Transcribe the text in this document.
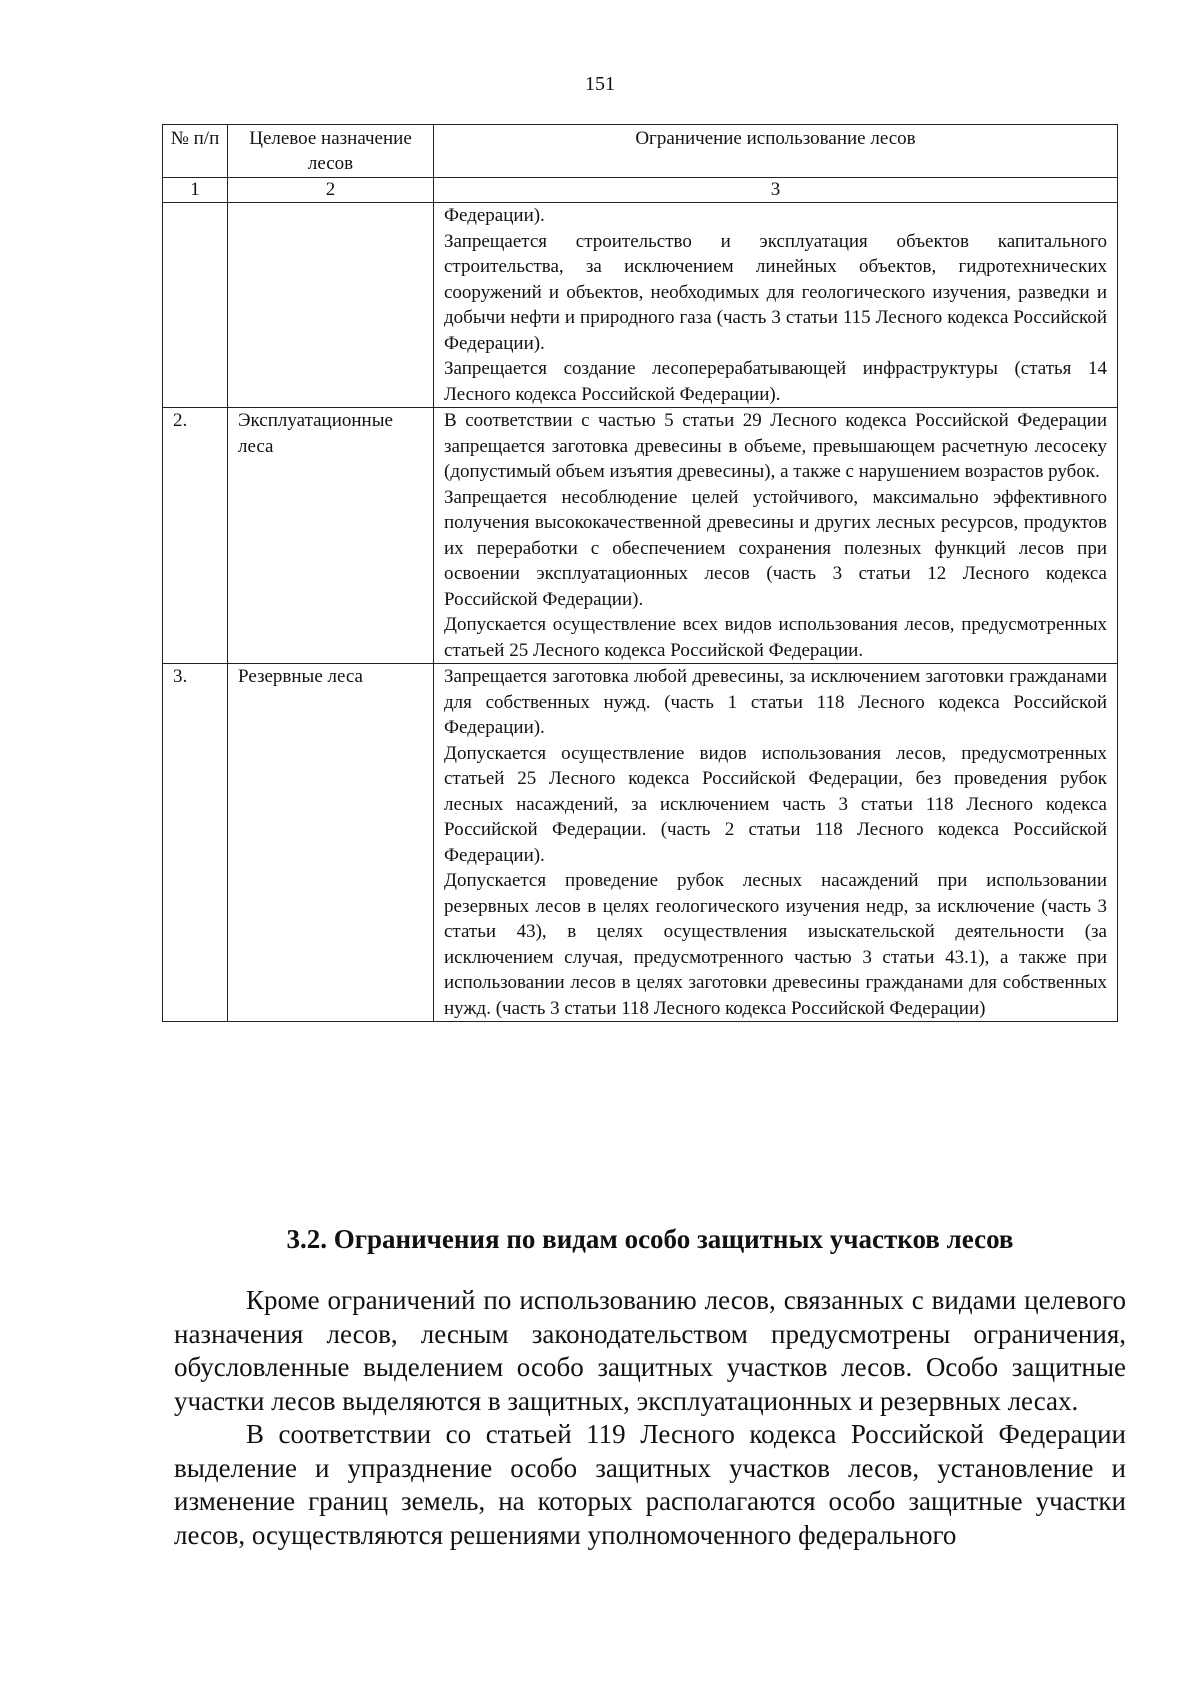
151
№ п/п	Целевое назначение лесов	Ограничение использование лесов
1	2	3

		Федерации).

Запрещается строительство и эксплуатация объектов капитального строительства, за исключением линейных объектов, гидротехнических сооружений и объектов, необходимых для геологического изучения, разведки и добычи нефти и природного газа (часть 3 статьи 115 Лесного кодекса Российской Федерации).

Запрещается создание лесоперерабатывающей инфраструктуры (статья 14 Лесного кодекса Российской Федерации).

2.	Эксплуатационные леса	В соответствии с частью 5 статьи 29 Лесного кодекса Российской Федерации запрещается заготовка древесины в объеме, превышающем расчетную лесосеку (допустимый объем изъятия древесины), а также с нарушением возрастов рубок.

Запрещается несоблюдение целей устойчивого, максимально эффективного получения высококачественной древесины и других лесных ресурсов, продуктов их переработки с обеспечением сохранения полезных функций лесов при освоении эксплуатационных лесов (часть 3 статьи 12 Лесного кодекса Российской Федерации).

Допускается осуществление всех видов использования лесов, предусмотренных статьей 25 Лесного кодекса Российской Федерации.

3.	Резервные леса	Запрещается заготовка любой древесины, за исключением заготовки гражданами для собственных нужд. (часть 1 статьи 118 Лесного кодекса Российской Федерации).

Допускается осуществление видов использования лесов, предусмотренных статьей 25 Лесного кодекса Российской Федерации, без проведения рубок лесных насаждений, за исключением часть 3 статьи 118 Лесного кодекса Российской Федерации. (часть 2 статьи 118 Лесного кодекса Российской Федерации).

Допускается проведение рубок лесных насаждений при использовании резервных лесов в целях геологического изучения недр, за исключение (часть 3 статьи 43), в целях осуществления изыскательской деятельности (за исключением случая, предусмотренного частью 3 статьи 43.1), а также при использовании лесов в целях заготовки древесины гражданами для собственных нужд. (часть 3 статьи 118 Лесного кодекса Российской Федерации)

3.2. Ограничения по видам особо защитных участков лесов

Кроме ограничений по использованию лесов, связанных с видами целевого назначения лесов, лесным законодательством предусмотрены ограничения, обусловленные выделением особо защитных участков лесов. Особо защитные участки лесов выделяются в защитных, эксплуатационных и резервных лесах.

В соответствии со статьей 119 Лесного кодекса Российской Федерации выделение и упразднение особо защитных участков лесов, установление и изменение границ земель, на которых располагаются особо защитные участки лесов, осуществляются решениями уполномоченного федерального
